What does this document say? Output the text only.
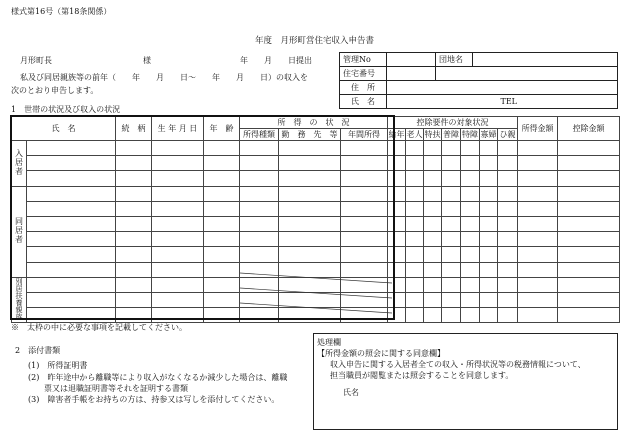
様式第16号（第18条関係）
年度　月形町営住宅収入申告書
月形町長	様	年　　月　　日提出
私及び同居親族等の前年（　　年　　月　　日〜　　年　　月　　日）の収入を
次のとおり申告します。
管理No		団地名	
住宅番号			
住　所			
氏　名	TEL		
1　世帯の状況及び収入の状況
氏　名		続　柄	生 年 月 日	年　齢	所　得　の　状　況			控除要件の対象状況							所得金額	控除金額
					所得種類	勤　務　先　等	年間所得	給年	老人	特扶	普障	特障	寡婦	ひ親		
入居者																

同居者																

別居扶養親族																

※　太枠の中に必要な事項を記載してください。
2　添付書類
(1)　所得証明書
(2)　昨年途中から離職等により収入がなくなるか減少した場合は、離職
　　票又は退職証明書等それを証明する書類
(3)　障害者手帳をお持ちの方は、持参又は写しを添付してください。
処理欄
【所得金額の照会に関する同意欄】
収入申告に関する入居者全ての収入・所得状況等の税務情報について、
担当職員が閲覧または照会することを同意します。
氏名
